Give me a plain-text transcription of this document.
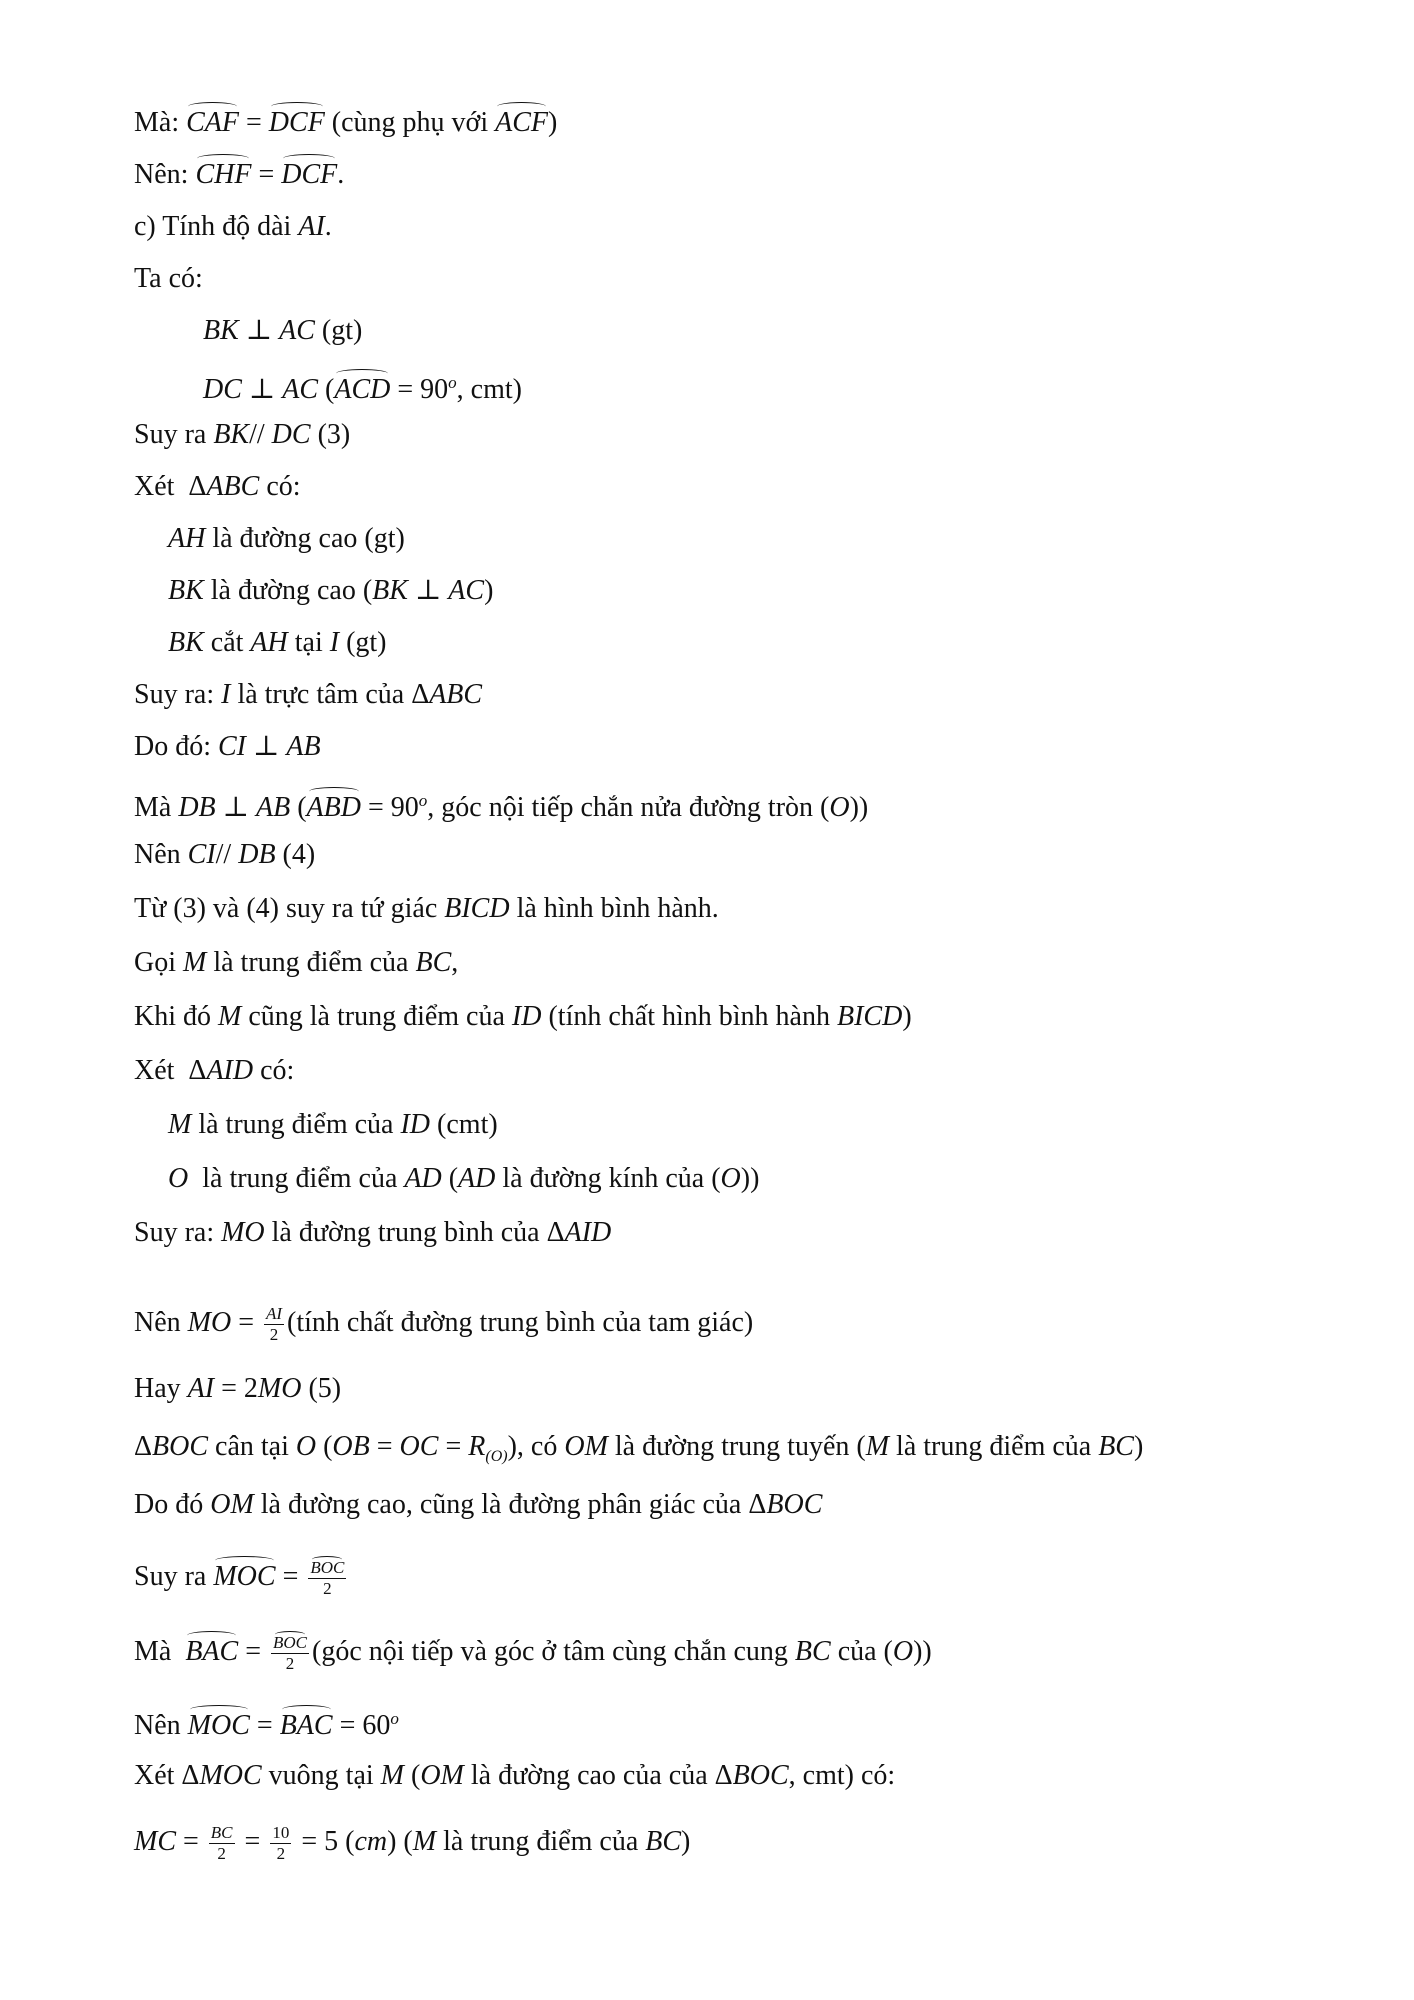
Mà: CAF = DCF (cùng phụ với ACF)
Nên: CHF = DCF.
c) Tính độ dài AI.
Ta có:
BK ⊥ AC (gt)
DC ⊥ AC ($ACD = 90^o$, cmt)
Suy ra BK// DC (3)
Xét  ΔABC có:
AH là đường cao (gt)
BK là đường cao (BK ⊥ AC)
BK cắt AH tại I (gt)
Suy ra: I là trực tâm của ΔABC
Do đó: CI ⊥ AB
Mà DB ⊥ AB ($ABD = 90^o$, góc nội tiếp chắn nửa đường tròn (O))
Nên CI// DB (4)
Từ (3) và (4) suy ra tứ giác BICD là hình bình hành.
Gọi M là trung điểm của BC,
Khi đó M cũng là trung điểm của ID (tính chất hình bình hành BICD)
Xét  ΔAID có:
M là trung điểm của ID (cmt)
O  là trung điểm của AD (AD là đường kính của (O))
Suy ra: MO là đường trung bình của ΔAID
Nên MO = $\frac{AI}{2}$ (tính chất đường trung bình của tam giác)
Hay AI = 2MO (5)
ΔBOC cân tại O (OB = OC = $R_{(O)}$), có OM là đường trung tuyến (M là trung điểm của BC)
Do đó OM là đường cao, cũng là đường phân giác của ΔBOC
Suy ra MOC = $\frac{\text{BOC}}{2}$
Mà  BAC = $\frac{\text{BOC}}{2}$ (góc nội tiếp và góc ở tâm cùng chắn cung BC của (O))
Nên MOC = BAC = $60^o$
Xét ΔMOC vuông tại M (OM là đường cao của của ΔBOC, cmt) có:
MC = $\frac{BC}{2} = \frac{10}{2} = 5$ (cm) (M là trung điểm của BC)
